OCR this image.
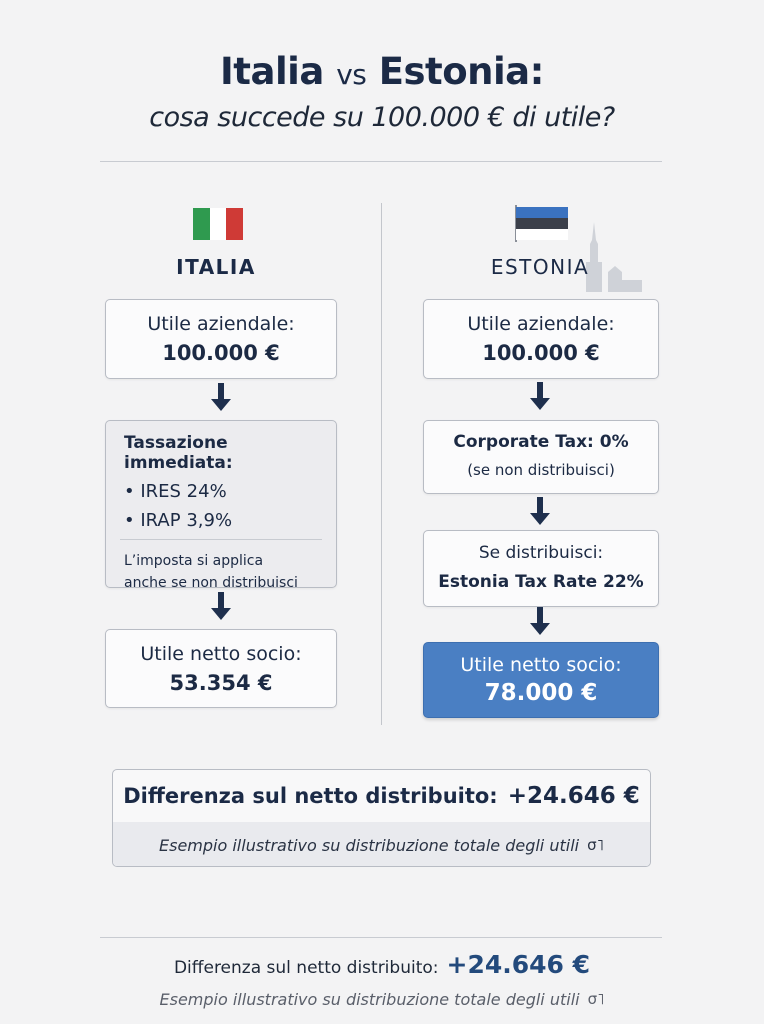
Italia vs Estonia:
cosa succede su 100.000 € di utile?
ITALIA	ESTONIA
Utile aziendale:
100.000 €
Tassazione immediata:
• IRES 24%
• IRAP 3,9%
L’imposta si applica
anche se non distribuisci
Utile netto socio:
53.354 €
Utile aziendale:
100.000 €
Corporate Tax: 0%
(se non distribuisci)
Se distribuisci:
Estonia Tax Rate 22%
Utile netto socio:
78.000 €
Differenza sul netto distribuito: +24.646 €
Esempio illustrativo su distribuzione totale degli utili σ˥
Differenza sul netto distribuito: +24.646 €
Esempio illustrativo su distribuzione totale degli utili σ˥
